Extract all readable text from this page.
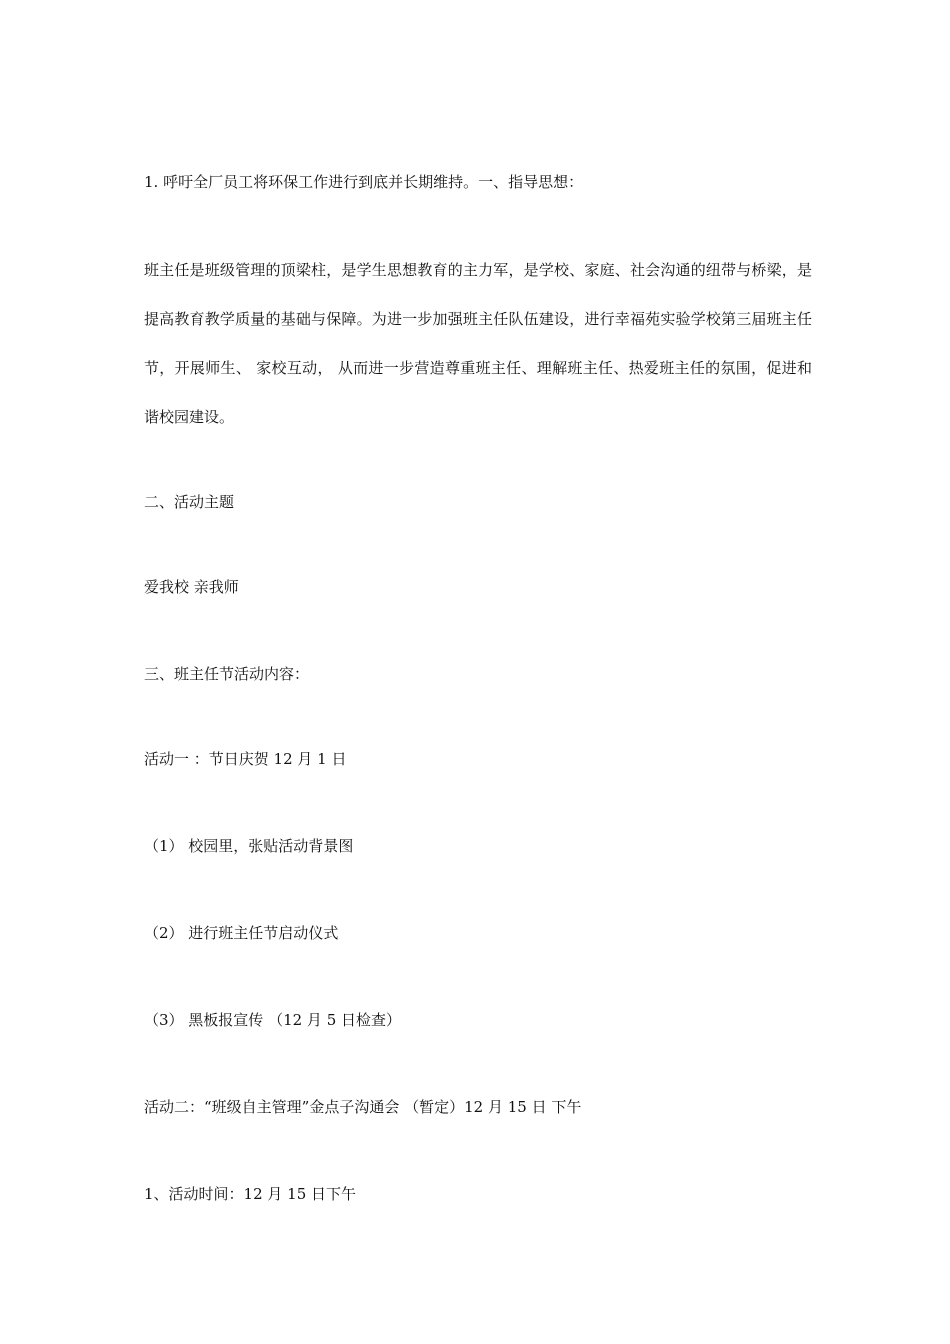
1. 呼吁全厂员工将环保工作进行到底并长期维持。一、指导思想：
班主任是班级管理的顶梁柱，是学生思想教育的主力军，是学校、家庭、社会沟通的纽带与桥梁，是提高教育教学质量的基础与保障。为进一步加强班主任队伍建设，进行幸福苑实验学校第三届班主任节，开展师生、 家校互动， 从而进一步营造尊重班主任、理解班主任、热爱班主任的氛围，促进和谐校园建设。
二、活动主题
爱我校 亲我师
三、班主任节活动内容：
活动一 ：节日庆贺 12 月 1 日
（1） 校园里，张贴活动背景图
（2） 进行班主任节启动仪式
（3） 黑板报宣传 （12 月 5 日检查）
活动二：“班级自主管理”金点子沟通会 （暂定）12 月 15 日 下午
1、活动时间：12 月 15 日下午
